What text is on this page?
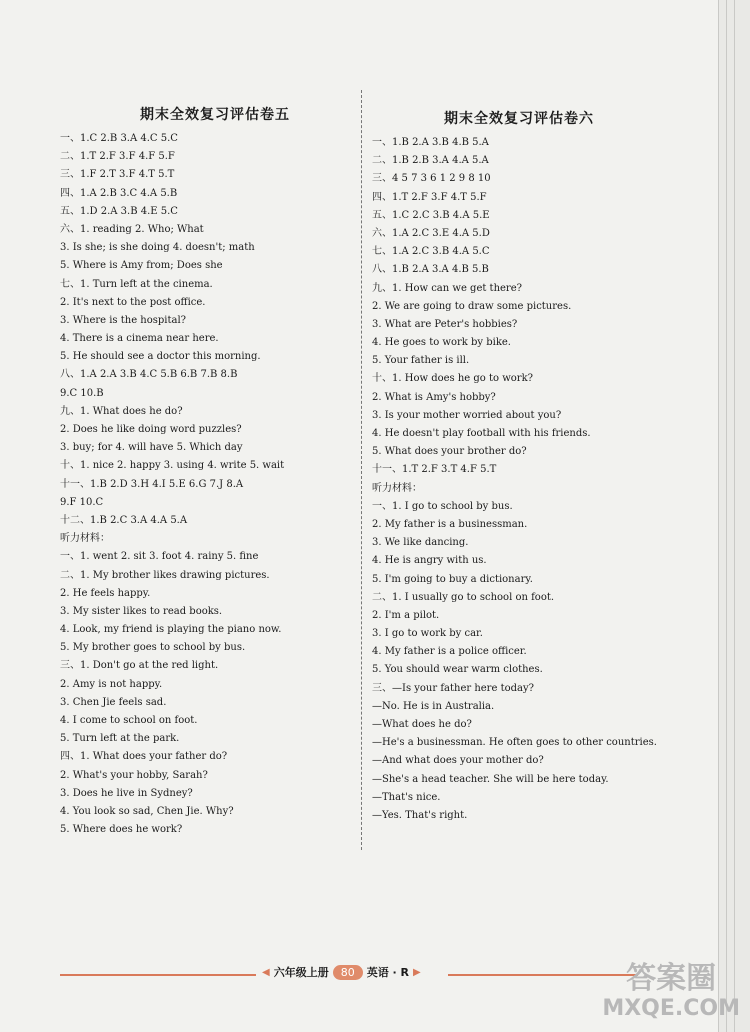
期末全效复习评估卷五
一、1.C 2.B 3.A 4.C 5.C
二、1.T 2.F 3.F 4.F 5.F
三、1.F 2.T 3.F 4.T 5.T
四、1.A 2.B 3.C 4.A 5.B
五、1.D 2.A 3.B 4.E 5.C
六、1. reading 2. Who; What
3. Is she; is she doing 4. doesn't; math
5. Where is Amy from; Does she
七、1. Turn left at the cinema.
2. It's next to the post office.
3. Where is the hospital?
4. There is a cinema near here.
5. He should see a doctor this morning.
八、1.A 2.A 3.B 4.C 5.B 6.B 7.B 8.B
9.C 10.B
九、1. What does he do?
2. Does he like doing word puzzles?
3. buy; for 4. will have 5. Which day
十、1. nice 2. happy 3. using 4. write 5. wait
十一、1.B 2.D 3.H 4.I 5.E 6.G 7.J 8.A
9.F 10.C
十二、1.B 2.C 3.A 4.A 5.A
听力材料：
一、1. went 2. sit 3. foot 4. rainy 5. fine
二、1. My brother likes drawing pictures.
2. He feels happy.
3. My sister likes to read books.
4. Look, my friend is playing the piano now.
5. My brother goes to school by bus.
三、1. Don't go at the red light.
2. Amy is not happy.
3. Chen Jie feels sad.
4. I come to school on foot.
5. Turn left at the park.
四、1. What does your father do?
2. What's your hobby, Sarah?
3. Does he live in Sydney?
4. You look so sad, Chen Jie. Why?
5. Where does he work?
期末全效复习评估卷六
一、1.B 2.A 3.B 4.B 5.A
二、1.B 2.B 3.A 4.A 5.A
三、4 5 7 3 6 1 2 9 8 10
四、1.T 2.F 3.F 4.T 5.F
五、1.C 2.C 3.B 4.A 5.E
六、1.A 2.C 3.E 4.A 5.D
七、1.A 2.C 3.B 4.A 5.C
八、1.B 2.A 3.A 4.B 5.B
九、1. How can we get there?
2. We are going to draw some pictures.
3. What are Peter's hobbies?
4. He goes to work by bike.
5. Your father is ill.
十、1. How does he go to work?
2. What is Amy's hobby?
3. Is your mother worried about you?
4. He doesn't play football with his friends.
5. What does your brother do?
十一、1.T 2.F 3.T 4.F 5.T
听力材料：
一、1. I go to school by bus.
2. My father is a businessman.
3. We like dancing.
4. He is angry with us.
5. I'm going to buy a dictionary.
二、1. I usually go to school on foot.
2. I'm a pilot.
3. I go to work by car.
4. My father is a police officer.
5. You should wear warm clothes.
三、—Is your father here today?
—No. He is in Australia.
—What does he do?
—He's a businessman. He often goes to other countries.
—And what does your mother do?
—She's a head teacher. She will be here today.
—That's nice.
—Yes. That's right.
◀ 六年级上册	80	英语 · R ▶	答案圈
MXQE.COM
